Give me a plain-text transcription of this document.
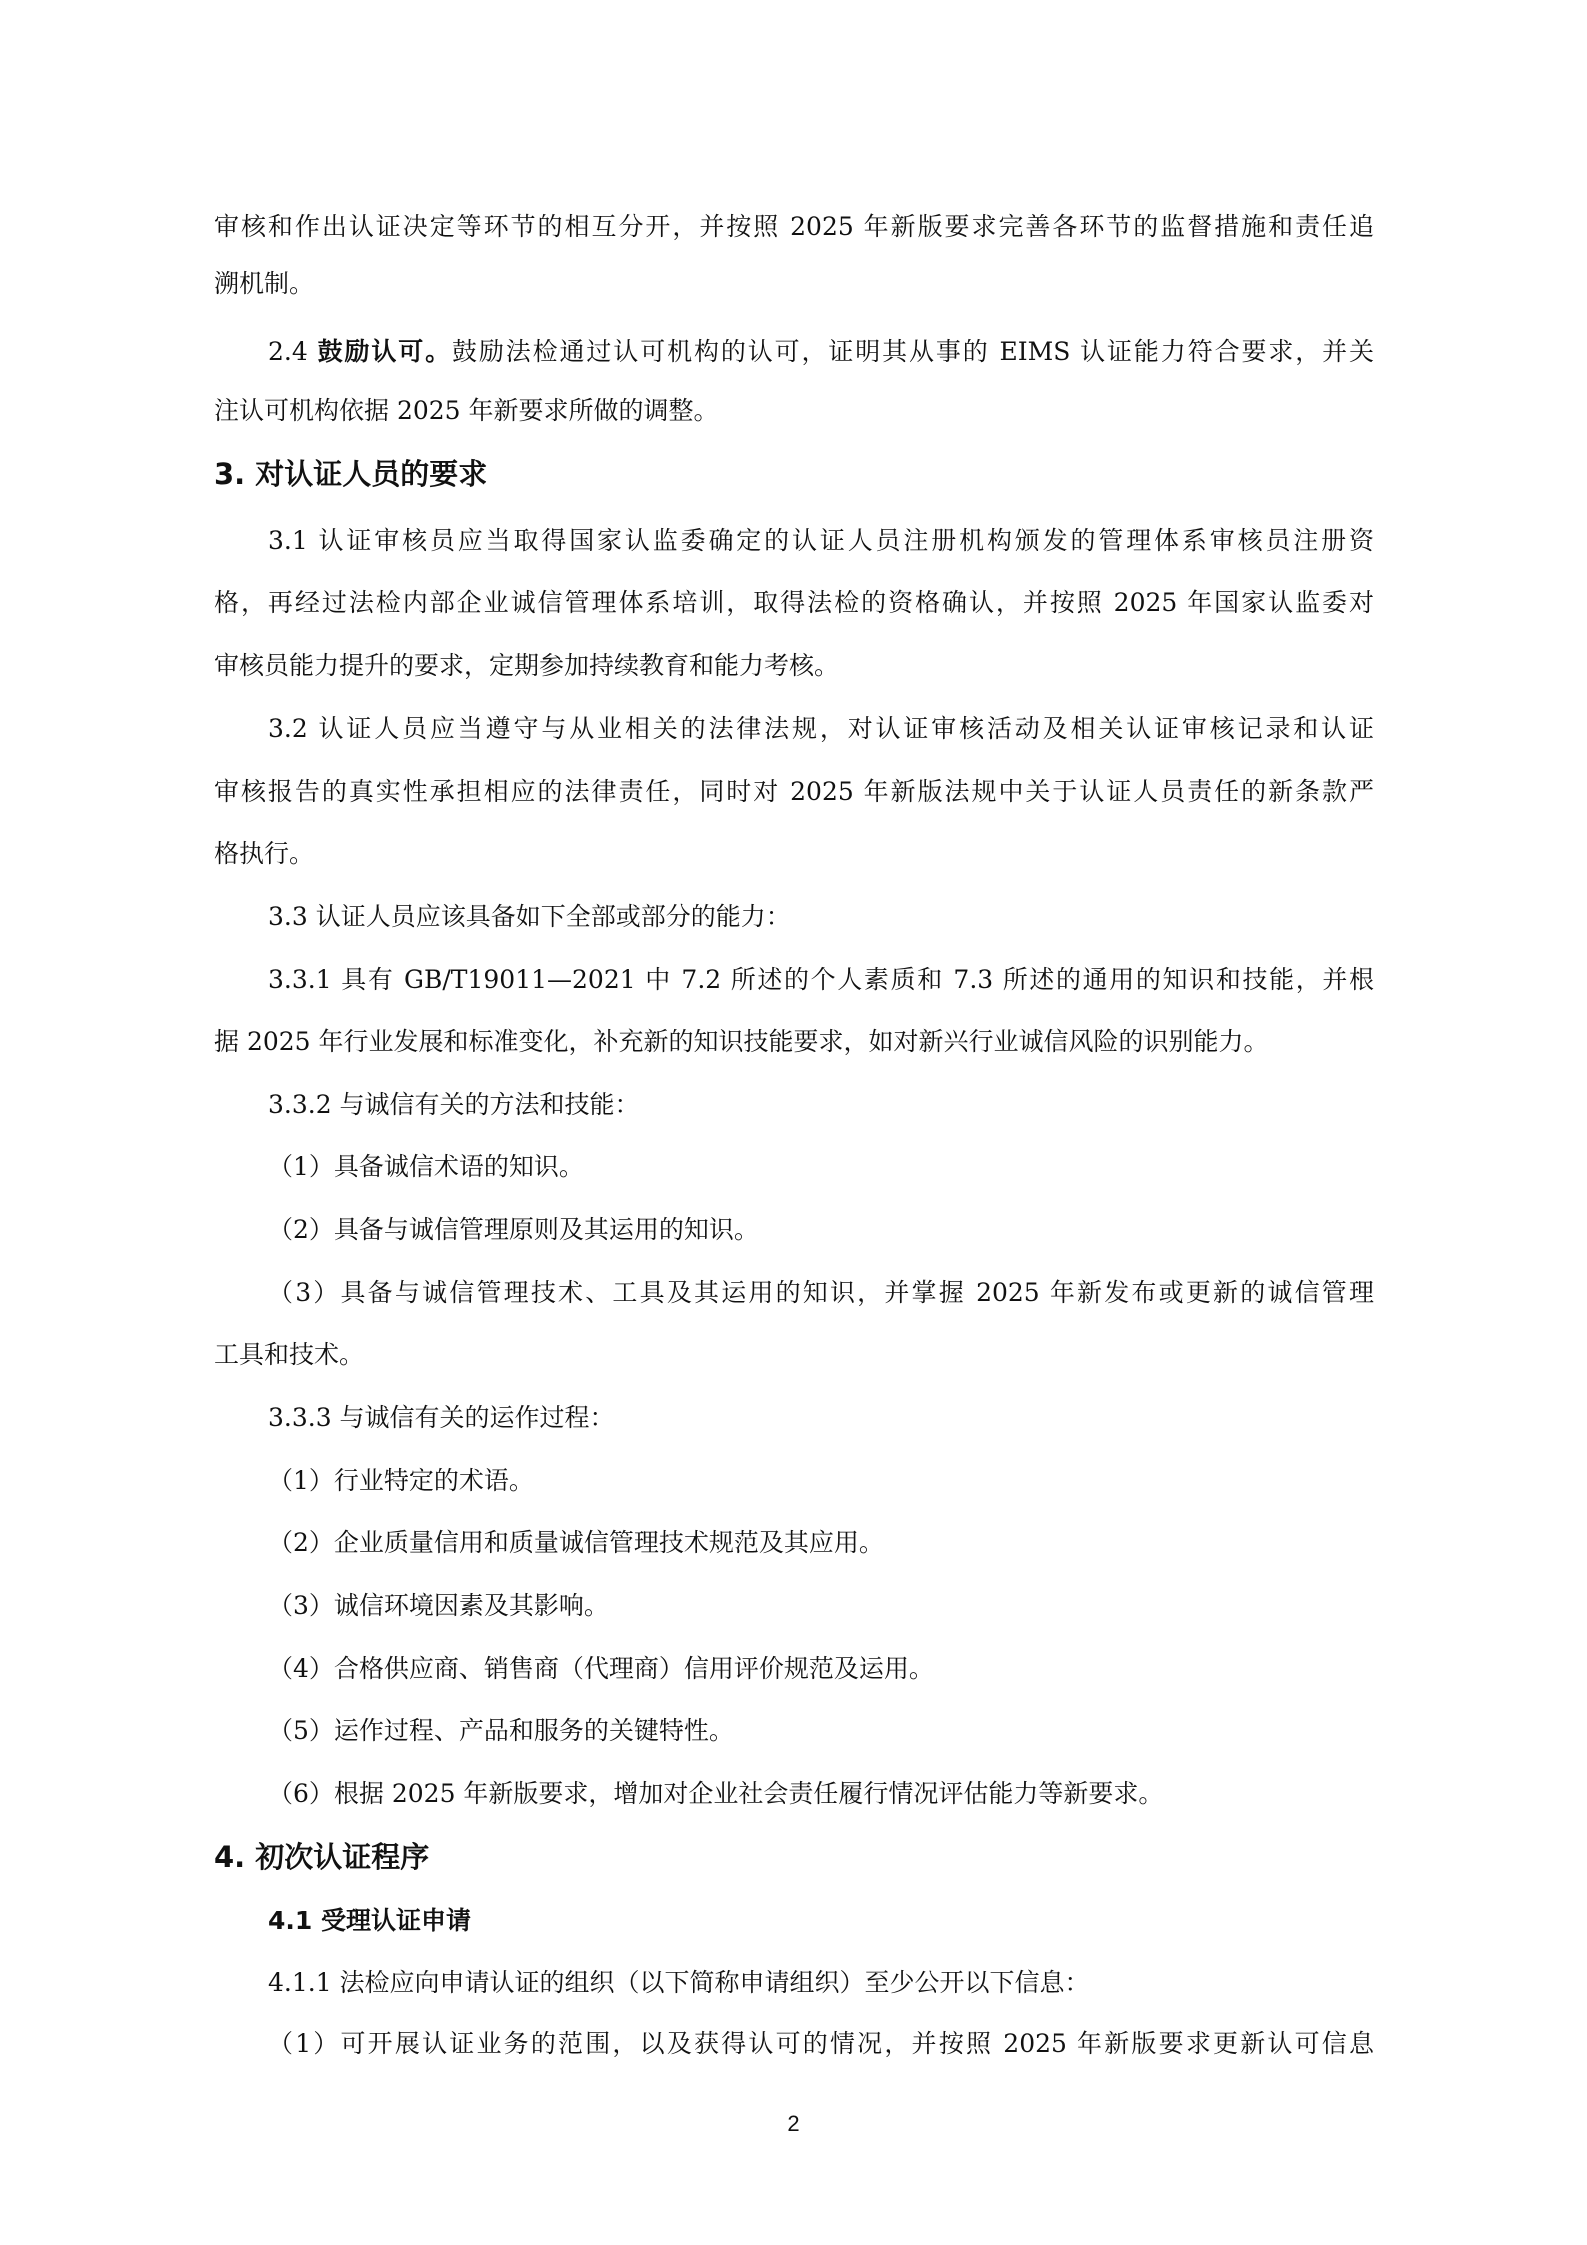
审核和作出认证决定等环节的相互分开，并按照 2025 年新版要求完善各环节的监督措施和责任追
溯机制。
2.4 鼓励认可。鼓励法检通过认可机构的认可，证明其从事的 EIMS 认证能力符合要求，并关
注认可机构依据 2025 年新要求所做的调整。
3. 对认证人员的要求
3.1 认证审核员应当取得国家认监委确定的认证人员注册机构颁发的管理体系审核员注册资
格，再经过法检内部企业诚信管理体系培训，取得法检的资格确认，并按照 2025 年国家认监委对
审核员能力提升的要求，定期参加持续教育和能力考核。
3.2 认证人员应当遵守与从业相关的法律法规，对认证审核活动及相关认证审核记录和认证
审核报告的真实性承担相应的法律责任，同时对 2025 年新版法规中关于认证人员责任的新条款严
格执行。
3.3 认证人员应该具备如下全部或部分的能力：
3.3.1 具有 GB/T19011—2021 中 7.2 所述的个人素质和 7.3 所述的通用的知识和技能，并根
据 2025 年行业发展和标准变化，补充新的知识技能要求，如对新兴行业诚信风险的识别能力。
3.3.2 与诚信有关的方法和技能：
（1）具备诚信术语的知识。
（2）具备与诚信管理原则及其运用的知识。
（3）具备与诚信管理技术、工具及其运用的知识，并掌握 2025 年新发布或更新的诚信管理
工具和技术。
3.3.3 与诚信有关的运作过程：
（1）行业特定的术语。
（2）企业质量信用和质量诚信管理技术规范及其应用。
（3）诚信环境因素及其影响。
（4）合格供应商、销售商（代理商）信用评价规范及运用。
（5）运作过程、产品和服务的关键特性。
（6）根据 2025 年新版要求，增加对企业社会责任履行情况评估能力等新要求。
4. 初次认证程序
4.1 受理认证申请
4.1.1 法检应向申请认证的组织（以下简称申请组织）至少公开以下信息：
（1）可开展认证业务的范围，以及获得认可的情况，并按照 2025 年新版要求更新认可信息
2
